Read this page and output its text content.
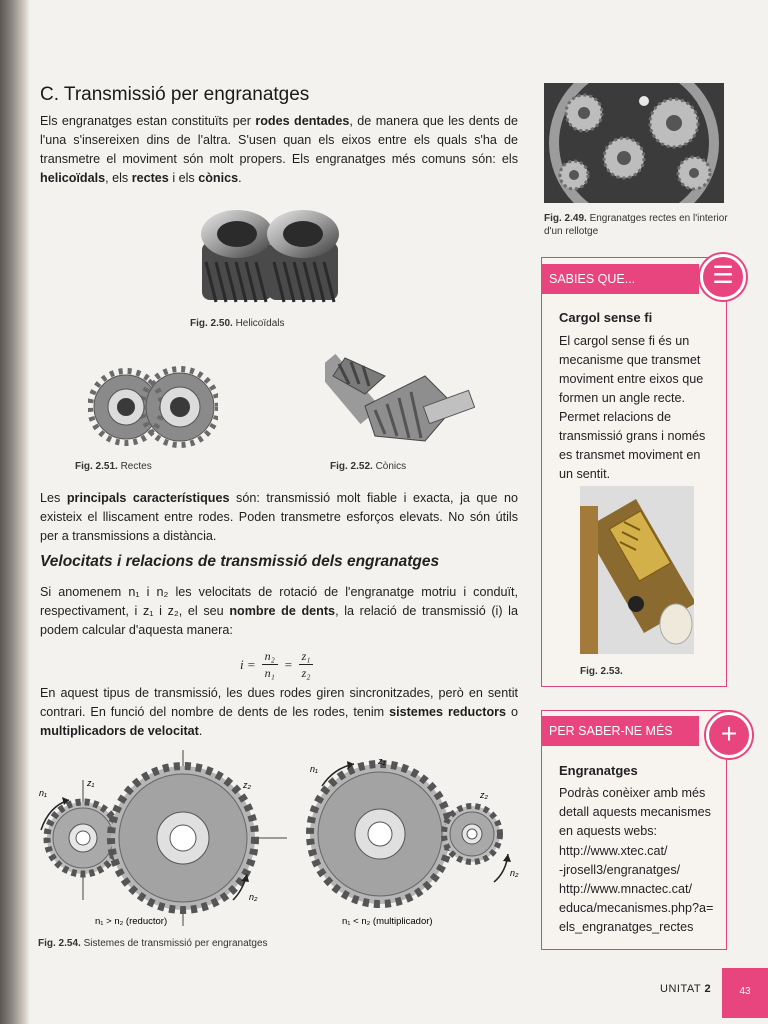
C. Transmissió per engranatges

Els engranatges estan constituïts per rodes dentades, de manera que les dents de l'una s'insereixen dins de l'altra. S'usen quan els eixos entre els quals s'ha de transmetre el moviment són molt propers. Els engranatges més comuns són: els helicoïdals, els rectes i els cònics.

Fig. 2.50. Helicoïdals
Fig. 2.51. Rectes	Fig. 2.52. Cònics

Les principals característiques són: transmissió molt fiable i exacta, ja que no existeix el lliscament entre rodes. Poden transmetre esforços elevats. No són útils per a transmissions a distància.

Velocitats i relacions de transmissió dels engranatges

Si anomenem n₁ i n₂ les velocitats de rotació de l'engranatge motriu i conduït, respectivament, i z₁ i z₂, el seu nombre de dents, la relació de transmissió (i) la podem calcular d'aquesta manera:

$i = \frac{\text{n₂}}{\text{n₁}} = \frac{\text{z₁}}{\text{z₂}}$

En aquest tipus de transmissió, les dues rodes giren sincronitzades, però en sentit contrari. En funció del nombre de dents de les rodes, tenim sistemes reductors o multiplicadors de velocitat.

n₁
z₁	z₂
n₂
n₁ > n₂ (reductor)
n₁
z₁
z₂
n₂
n₁ < n₂ (multiplicador)
Fig. 2.54. Sistemes de transmissió per engranatges
Fig. 2.49. Engranatges rectes en l'interior d'un rellotge
SABIES QUE...	☰
Cargol sense fi
El cargol sense fi és un mecanisme que transmet moviment entre eixos que formen un angle recte. Permet relacions de transmissió grans i només es transmet moviment en un sentit.
Fig. 2.53.
PER SABER-NE MÉS	+
Engranatges
Podràs conèixer amb més detall aquests mecanismes en aquests webs:
http://www.xtec.cat/
-jrosell3/engranatges/
http://www.mnactec.cat/
educa/mecanismes.php?a=
els_engranatges_rectes
UNITAT 2	43
